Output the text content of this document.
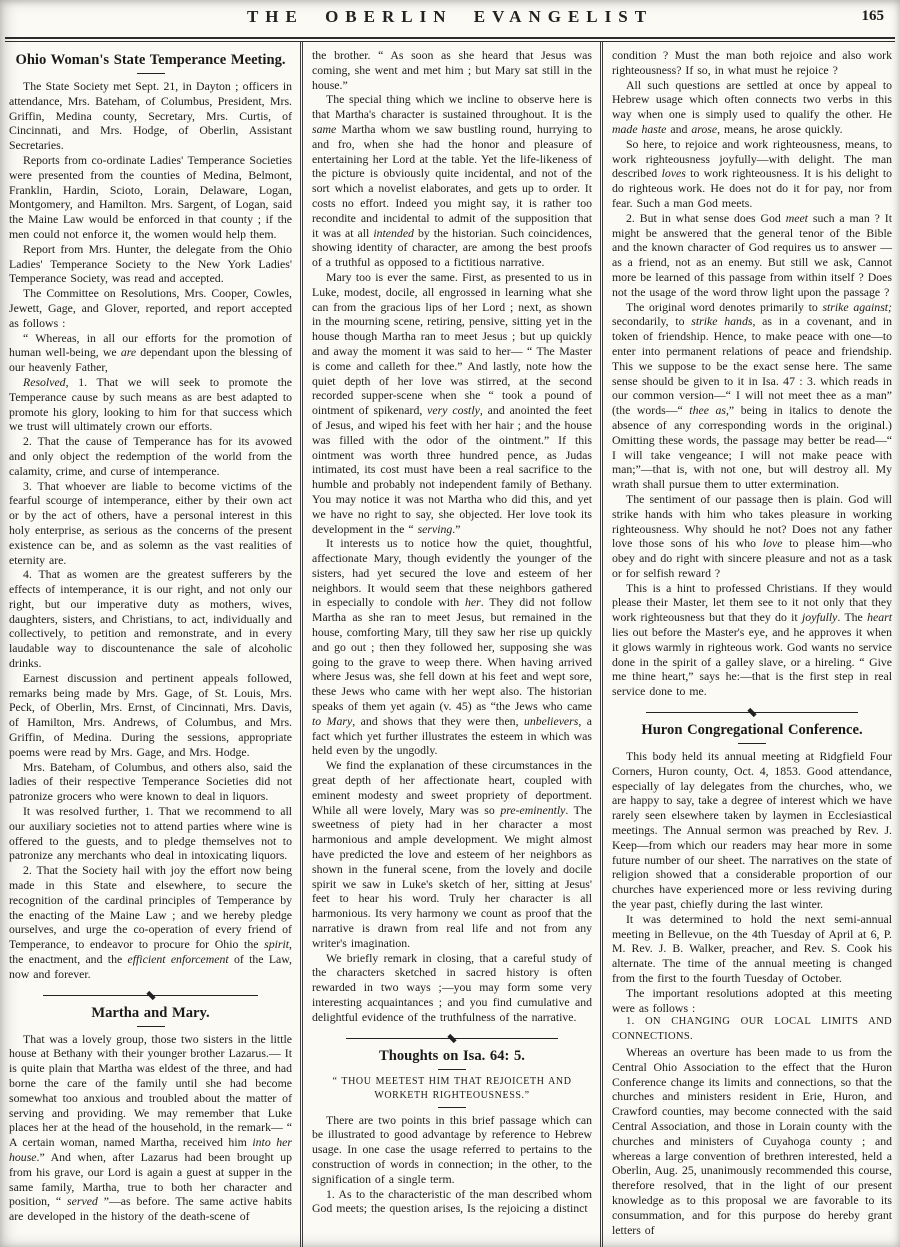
THE OBERLIN EVANGELIST	165
Ohio Woman's State Temperance Meeting.

The State Society met Sept. 21, in Dayton ; officers in attendance, Mrs. Bateham, of Columbus, President, Mrs. Griffin, Medina county, Secretary, Mrs. Curtis, of Cincinnati, and Mrs. Hodge, of Oberlin, Assistant Secretaries.

Reports from co-ordinate Ladies' Temperance Societies were presented from the counties of Medina, Belmont, Franklin, Hardin, Scioto, Lorain, Delaware, Logan, Montgomery, and Hamilton. Mrs. Sargent, of Logan, said the Maine Law would be enforced in that county ; if the men could not enforce it, the women would help them.

Report from Mrs. Hunter, the delegate from the Ohio Ladies' Temperance Society to the New York Ladies' Temperance Society, was read and accepted.

The Committee on Resolutions, Mrs. Cooper, Cowles, Jewett, Gage, and Glover, reported, and report accepted as follows :

“ Whereas, in all our efforts for the promotion of human well-being, we are dependant upon the blessing of our heavenly Father,

Resolved, 1. That we will seek to promote the Temperance cause by such means as are best adapted to promote his glory, looking to him for that success which we trust will ultimately crown our efforts.

2. That the cause of Temperance has for its avowed and only object the redemption of the world from the calamity, crime, and curse of intemperance.

3. That whoever are liable to become victims of the fearful scourge of intemperance, either by their own act or by the act of others, have a personal interest in this holy enterprise, as serious as the concerns of the present existence can be, and as solemn as the vast realities of eternity are.

4. That as women are the greatest sufferers by the effects of intemperance, it is our right, and not only our right, but our imperative duty as mothers, wives, daughters, sisters, and Christians, to act, individually and collectively, to petition and remonstrate, and in every laudable way to discountenance the sale of alcoholic drinks.

Earnest discussion and pertinent appeals followed, remarks being made by Mrs. Gage, of St. Louis, Mrs. Peck, of Oberlin, Mrs. Ernst, of Cincinnati, Mrs. Davis, of Hamilton, Mrs. Andrews, of Columbus, and Mrs. Griffin, of Medina. During the sessions, appropriate poems were read by Mrs. Gage, and Mrs. Hodge.

Mrs. Bateham, of Columbus, and others also, said the ladies of their respective Temperance Societies did not patronize grocers who were known to deal in liquors.

It was resolved further, 1. That we recommend to all our auxiliary societies not to attend parties where wine is offered to the guests, and to pledge themselves not to patronize any merchants who deal in intoxicating liquors.

2. That the Society hail with joy the effort now being made in this State and elsewhere, to secure the recognition of the cardinal principles of Temperance by the enacting of the Maine Law ; and we hereby pledge ourselves, and urge the co-operation of every friend of Temperance, to endeavor to procure for Ohio the spirit, the enactment, and the efficient enforcement of the Law, now and forever.

Martha and Mary.

That was a lovely group, those two sisters in the little house at Bethany with their younger brother Lazarus.— It is quite plain that Martha was eldest of the three, and had borne the care of the family until she had become somewhat too anxious and troubled about the matter of serving and providing. We may remember that Luke places her at the head of the household, in the remark— “ A certain woman, named Martha, received him into her house.” And when, after Lazarus had been brought up from his grave, our Lord is again a guest at supper in the same family, Martha, true to both her character and position, “ served ”—as before. The same active habits are developed in the history of the death-scene of

the brother. “ As soon as she heard that Jesus was coming, she went and met him ; but Mary sat still in the house.”

The special thing which we incline to observe here is that Martha's character is sustained throughout. It is the same Martha whom we saw bustling round, hurrying to and fro, when she had the honor and pleasure of entertaining her Lord at the table. Yet the life-likeness of the picture is obviously quite incidental, and not of the sort which a novelist elaborates, and gets up to order. It costs no effort. Indeed you might say, it is rather too recondite and incidental to admit of the supposition that it was at all intended by the historian. Such coincidences, showing identity of character, are among the best proofs of a truthful as opposed to a fictitious narrative.

Mary too is ever the same. First, as presented to us in Luke, modest, docile, all engrossed in learning what she can from the gracious lips of her Lord ; next, as shown in the mourning scene, retiring, pensive, sitting yet in the house though Martha ran to meet Jesus ; but up quickly and away the moment it was said to her— “ The Master is come and calleth for thee.” And lastly, note how the quiet depth of her love was stirred, at the second recorded supper-scene when she “ took a pound of ointment of spikenard, very costly, and anointed the feet of Jesus, and wiped his feet with her hair ; and the house was filled with the odor of the ointment.” If this ointment was worth three hundred pence, as Judas intimated, its cost must have been a real sacrifice to the humble and probably not independent family of Bethany. You may notice it was not Martha who did this, and yet we have no right to say, she objected. Her love took its development in the “ serving.”

It interests us to notice how the quiet, thoughtful, affectionate Mary, though evidently the younger of the sisters, had yet secured the love and esteem of her neighbors. It would seem that these neighbors gathered in especially to condole with her. They did not follow Martha as she ran to meet Jesus, but remained in the house, comforting Mary, till they saw her rise up quickly and go out ; then they followed her, supposing she was going to the grave to weep there. When having arrived where Jesus was, she fell down at his feet and wept sore, these Jews who came with her wept also. The historian speaks of them yet again (v. 45) as “the Jews who came to Mary, and shows that they were then, unbelievers, a fact which yet further illustrates the esteem in which was held even by the ungodly.

We find the explanation of these circumstances in the great depth of her affectionate heart, coupled with eminent modesty and sweet propriety of deportment. While all were lovely, Mary was so pre-eminently. The sweetness of piety had in her character a most harmonious and ample development. We might almost have predicted the love and esteem of her neighbors as shown in the funeral scene, from the lovely and docile spirit we saw in Luke's sketch of her, sitting at Jesus' feet to hear his word. Truly her character is all harmonious. Its very harmony we count as proof that the narrative is drawn from real life and not from any writer's imagination.

We briefly remark in closing, that a careful study of the characters sketched in sacred history is often rewarded in two ways ;—you may form some very interesting acquaintances ; and you find cumulative and delightful evidence of the truthfulness of the narrative.

Thoughts on Isa. 64: 5.

“ THOU MEETEST HIM THAT REJOICETH AND WORKETH RIGHTEOUSNESS.”

There are two points in this brief passage which can be illustrated to good advantage by reference to Hebrew usage. In one case the usage referred to pertains to the construction of words in connection; in the other, to the signification of a single term.

1. As to the characteristic of the man described whom God meets; the question arises, Is the rejoicing a distinct

condition ? Must the man both rejoice and also work righteousness? If so, in what must he rejoice ?

All such questions are settled at once by appeal to Hebrew usage which often connects two verbs in this way when one is simply used to qualify the other. He made haste and arose, means, he arose quickly.

So here, to rejoice and work righteousness, means, to work righteousness joyfully—with delight. The man described loves to work righteousness. It is his delight to do righteous work. He does not do it for pay, nor from fear. Such a man God meets.

2. But in what sense does God meet such a man ? It might be answered that the general tenor of the Bible and the known character of God requires us to answer —as a friend, not as an enemy. But still we ask, Cannot more be learned of this passage from within itself ? Does not the usage of the word throw light upon the passage ?

The original word denotes primarily to strike against; secondarily, to strike hands, as in a covenant, and in token of friendship. Hence, to make peace with one—to enter into permanent relations of peace and friendship. This we suppose to be the exact sense here. The same sense should be given to it in Isa. 47 : 3. which reads in our common version—“ I will not meet thee as a man” (the words—“ thee as,” being in italics to denote the absence of any corresponding words in the original.) Omitting these words, the passage may better be read—“ I will take vengeance; I will not make peace with man;”—that is, with not one, but will destroy all. My wrath shall pursue them to utter extermination.

The sentiment of our passage then is plain. God will strike hands with him who takes pleasure in working righteousness. Why should he not? Does not any father love those sons of his who love to please him—who obey and do right with sincere pleasure and not as a task or for selfish reward ?

This is a hint to professed Christians. If they would please their Master, let them see to it not only that they work righteousness but that they do it joyfully. The heart lies out before the Master's eye, and he approves it when it glows warmly in righteous work. God wants no service done in the spirit of a galley slave, or a hireling. “ Give me thine heart,” says he:—that is the first step in real service done to me.

Huron Congregational Conference.

This body held its annual meeting at Ridgfield Four Corners, Huron county, Oct. 4, 1853. Good attendance, especially of lay delegates from the churches, who, we are happy to say, take a degree of interest which we have rarely seen elsewhere taken by laymen in Ecclesiastical meetings. The Annual sermon was preached by Rev. J. Keep—from which our readers may hear more in some future number of our sheet. The narratives on the state of religion showed that a considerable proportion of our churches have experienced more or less reviving during the year past, chiefly during the last winter.

It was determined to hold the next semi-annual meeting in Bellevue, on the 4th Tuesday of April at 6, P. M. Rev. J. B. Walker, preacher, and Rev. S. Cook his alternate. The time of the annual meeting is changed from the first to the fourth Tuesday of October.

The important resolutions adopted at this meeting were as follows :

1. ON CHANGING OUR LOCAL LIMITS AND CONNECTIONS.

Whereas an overture has been made to us from the Central Ohio Association to the effect that the Huron Conference change its limits and connections, so that the churches and ministers resident in Erie, Huron, and Crawford counties, may become connected with the said Central Association, and those in Lorain county with the churches and ministers of Cuyahoga county ; and whereas a large convention of brethren interested, held a Oberlin, Aug. 25, unanimously recommended this course, therefore resolved, that in the light of our present knowledge as to this proposal we are favorable to its consummation, and for this purpose do hereby grant letters of
